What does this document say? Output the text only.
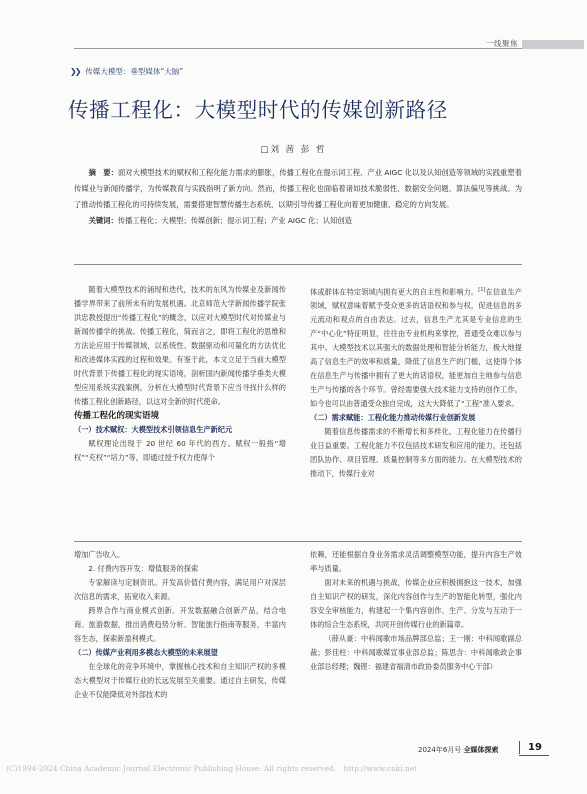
一线聚焦
❯❯ 传媒大模型：垂型媒体“大脑”
传播工程化：大模型时代的传媒创新路径
□刘 茜 彭 哲
摘　要：面对大模型技术的赋权和工程化能力需求的膨胀，传播工程化在提示词工程、产业 AIGC 化以及认知创造等领域的实践重塑着传媒业与新闻传播学，为传媒教育与实践指明了新方向。然而，传播工程化也面临着诸如技术脆弱性、数据安全问题、算法偏见等挑战。为了推动传播工程化的可持续发展，需要搭建智慧传播生态系统，以期引导传播工程化向着更加健康、稳定的方向发展。
关键词：传播工程化；大模型；传媒创新；提示词工程；产业 AIGC 化；认知创造

随着大模型技术的涌现和迭代，技术的东风为传媒业及新闻传播学界带来了前所未有的发展机遇。北京师范大学新闻传播学院张洪忠教授提出“传播工程化”的概念，以应对大模型时代对传媒业与新闻传播学的挑战。传播工程化，简而言之，即将工程化的思维和方法论应用于传媒领域，以系统性、数据驱动和可量化的方法优化和改进媒体实践的过程和效果。有鉴于此，本文立足于当前大模型时代背景下传播工程化的现实语境，剖析国内新闻传播学垂类大模型应用系统实践案例，分析在大模型时代背景下应当寻找什么样的传播工程化创新路径，以这对全新的时代使命。

传播工程化的现实语境

（一）技术赋权：大模型技术引领信息生产新纪元

赋权理论出现于 20 世纪 60 年代的西方。赋权一般指“增权”“充权”“培力”等，即通过授予权力使得个

体或群体在特定领域内拥有更大的自主性和影响力。[1]在信息生产领域，赋权意味着赋予受众更多的话语权和参与权，促进信息的多元流动和观点的自由表达。过去，信息生产尤其是专业信息的生产“中心化”特征明显，往往由专业机构来掌控，普通受众难以参与其中。大模型技术以其强大的数据处理和智能分析能力，极大地提高了信息生产的效率和质量，降低了信息生产的门槛，这使得个体在信息生产与传播中拥有了更大的话语权，能更加自主地参与信息生产与传播的各个环节。曾经需要强大技术能力支持的创作工作，如今也可以由普通受众独自完成，这大大降低了“工程”准入要求。

（二）需求赋能：工程化能力推动传媒行业创新发展

随着信息传播需求的不断增长和多样化，工程化能力在传播行业日益重要。工程化能力不仅包括技术研发和应用的能力，还包括团队协作、项目管理、质量控制等多方面的能力。在大模型技术的推动下，传媒行业对

增加广告收入。

2. 付费内容开发：增值服务的探索

专家解读与定制资讯。开发高价值付费内容，满足用户对深层次信息的需求，拓宽收入来源。

跨界合作与商业模式创新。开发数据融合创新产品，结合电商、旅游数据，推出消费趋势分析、智能旅行指南等服务，丰富内容生态，探索新盈利模式。

（二）传媒产业利用多模态大模型的未来展望

在全球化的竞争环境中，掌握核心技术和自主知识产权的多模态大模型对于传媒行业的长远发展至关重要。通过自主研发，传媒企业不仅能降低对外部技术的

依赖，还能根据自身业务需求灵活调整模型功能，提升内容生产效率与质量。

面对未来的机遇与挑战，传媒企业应积极拥抱这一技术，加强自主知识产权的研发，深化内容创作与生产的智能化转型，强化内容安全审核能力，构建起一个集内容创作、生产、分发与互动于一体的综合生态系统，共同开创传媒行业的新篇章。

（薛从豪：中科闻歌市场品牌部总监；王一刚：中科闻歌副总裁；彭佳柱：中科闻歌媒宣事业部总监；陈思含：中科闻歌政企事业部总经理；魏铿：福建省福清市政协委员服务中心干部）

2024年6月号 全媒体探索	19
(C)1994-2024 China Academic Journal Electronic Publishing House. All rights reserved.　http://www.cnki.net
